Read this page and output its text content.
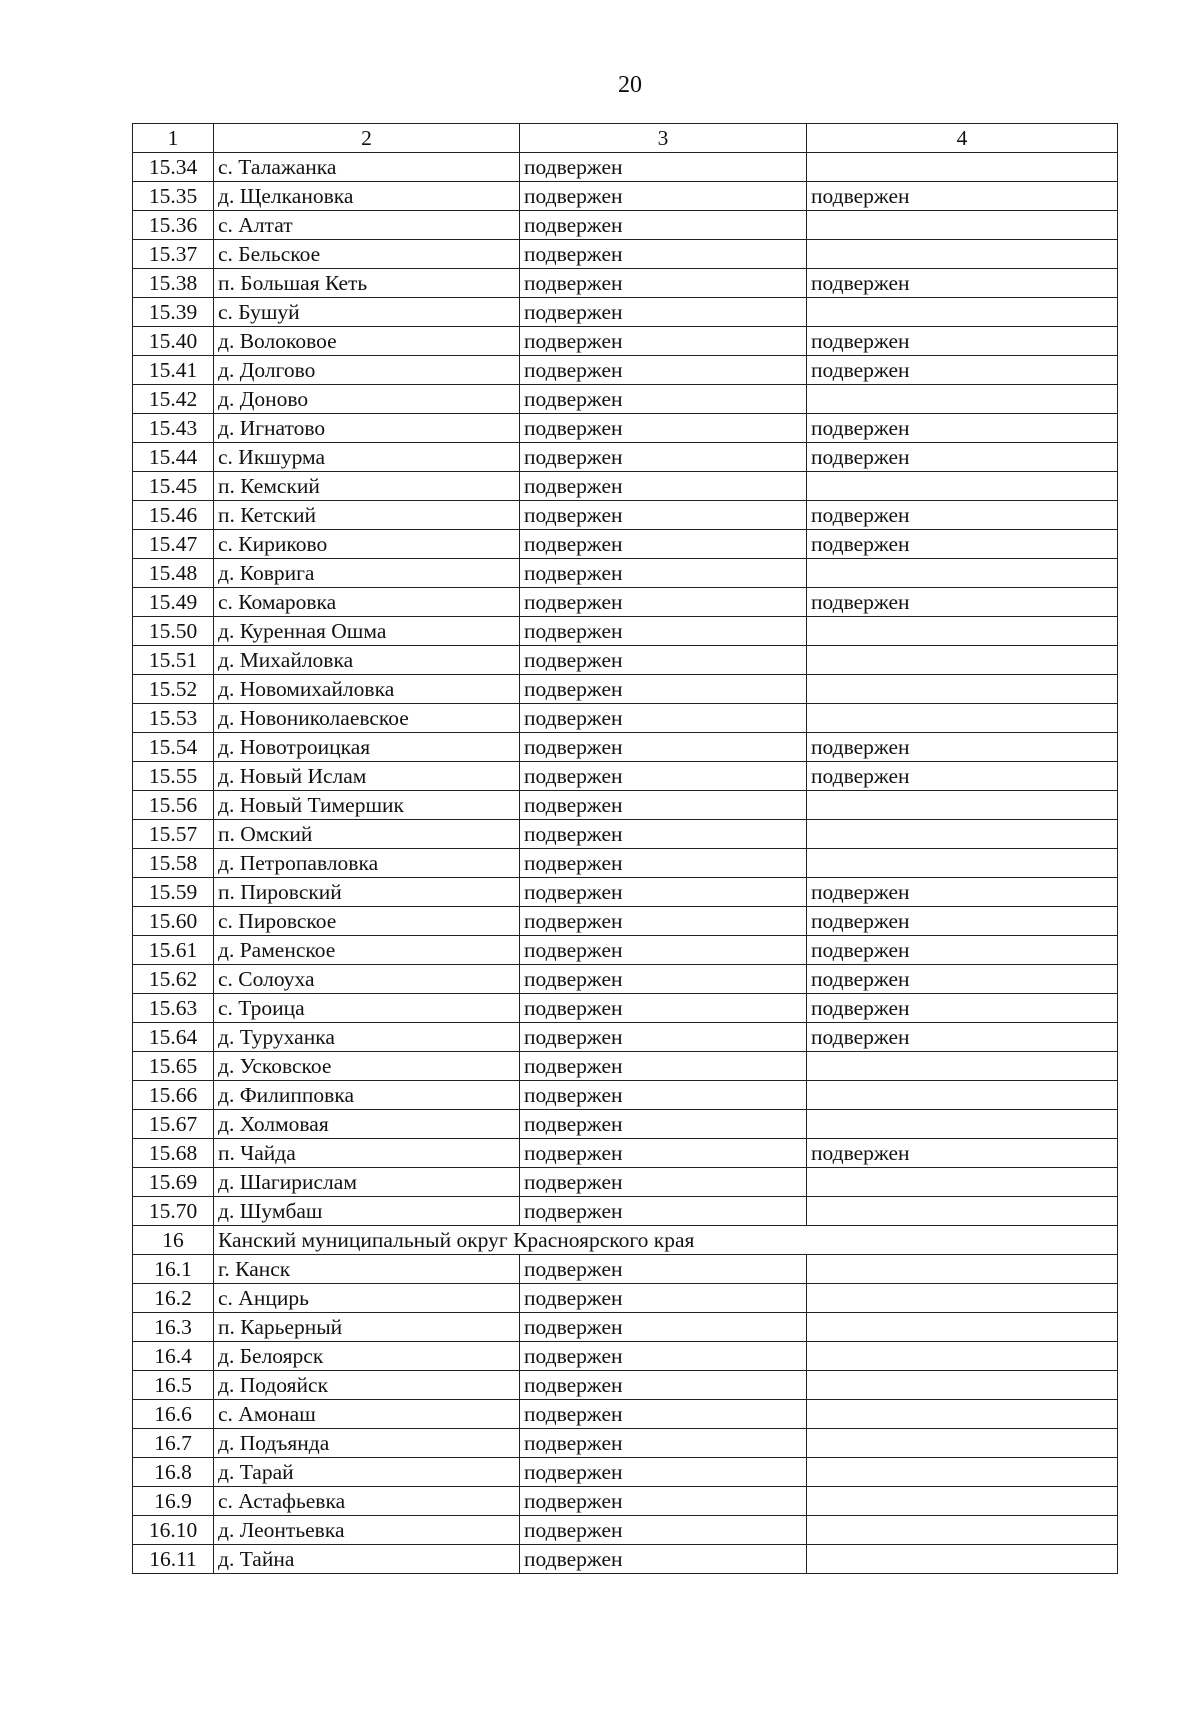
20
1	2	3	4
15.34	с. Талажанка	подвержен	
15.35	д. Щелкановка	подвержен	подвержен
15.36	с. Алтат	подвержен	
15.37	с. Бельское	подвержен	
15.38	п. Большая Кеть	подвержен	подвержен
15.39	с. Бушуй	подвержен	
15.40	д. Волоковое	подвержен	подвержен
15.41	д. Долгово	подвержен	подвержен
15.42	д. Доново	подвержен	
15.43	д. Игнатово	подвержен	подвержен
15.44	с. Икшурма	подвержен	подвержен
15.45	п. Кемский	подвержен	
15.46	п. Кетский	подвержен	подвержен
15.47	с. Кириково	подвержен	подвержен
15.48	д. Коврига	подвержен	
15.49	с. Комаровка	подвержен	подвержен
15.50	д. Куренная Ошма	подвержен	
15.51	д. Михайловка	подвержен	
15.52	д. Новомихайловка	подвержен	
15.53	д. Новониколаевское	подвержен	
15.54	д. Новотроицкая	подвержен	подвержен
15.55	д. Новый Ислам	подвержен	подвержен
15.56	д. Новый Тимершик	подвержен	
15.57	п. Омский	подвержен	
15.58	д. Петропавловка	подвержен	
15.59	п. Пировский	подвержен	подвержен
15.60	с. Пировское	подвержен	подвержен
15.61	д. Раменское	подвержен	подвержен
15.62	с. Солоуха	подвержен	подвержен
15.63	с. Троица	подвержен	подвержен
15.64	д. Туруханка	подвержен	подвержен
15.65	д. Усковское	подвержен	
15.66	д. Филипповка	подвержен	
15.67	д. Холмовая	подвержен	
15.68	п. Чайда	подвержен	подвержен
15.69	д. Шагирислам	подвержен	
15.70	д. Шумбаш	подвержен	
16	Канский муниципальный округ Красноярского края		
16.1	г. Канск	подвержен	
16.2	с. Анцирь	подвержен	
16.3	п. Карьерный	подвержен	
16.4	д. Белоярск	подвержен	
16.5	д. Подояйск	подвержен	
16.6	с. Амонаш	подвержен	
16.7	д. Подъянда	подвержен	
16.8	д. Тарай	подвержен	
16.9	с. Астафьевка	подвержен	
16.10	д. Леонтьевка	подвержен	
16.11	д. Тайна	подвержен	
